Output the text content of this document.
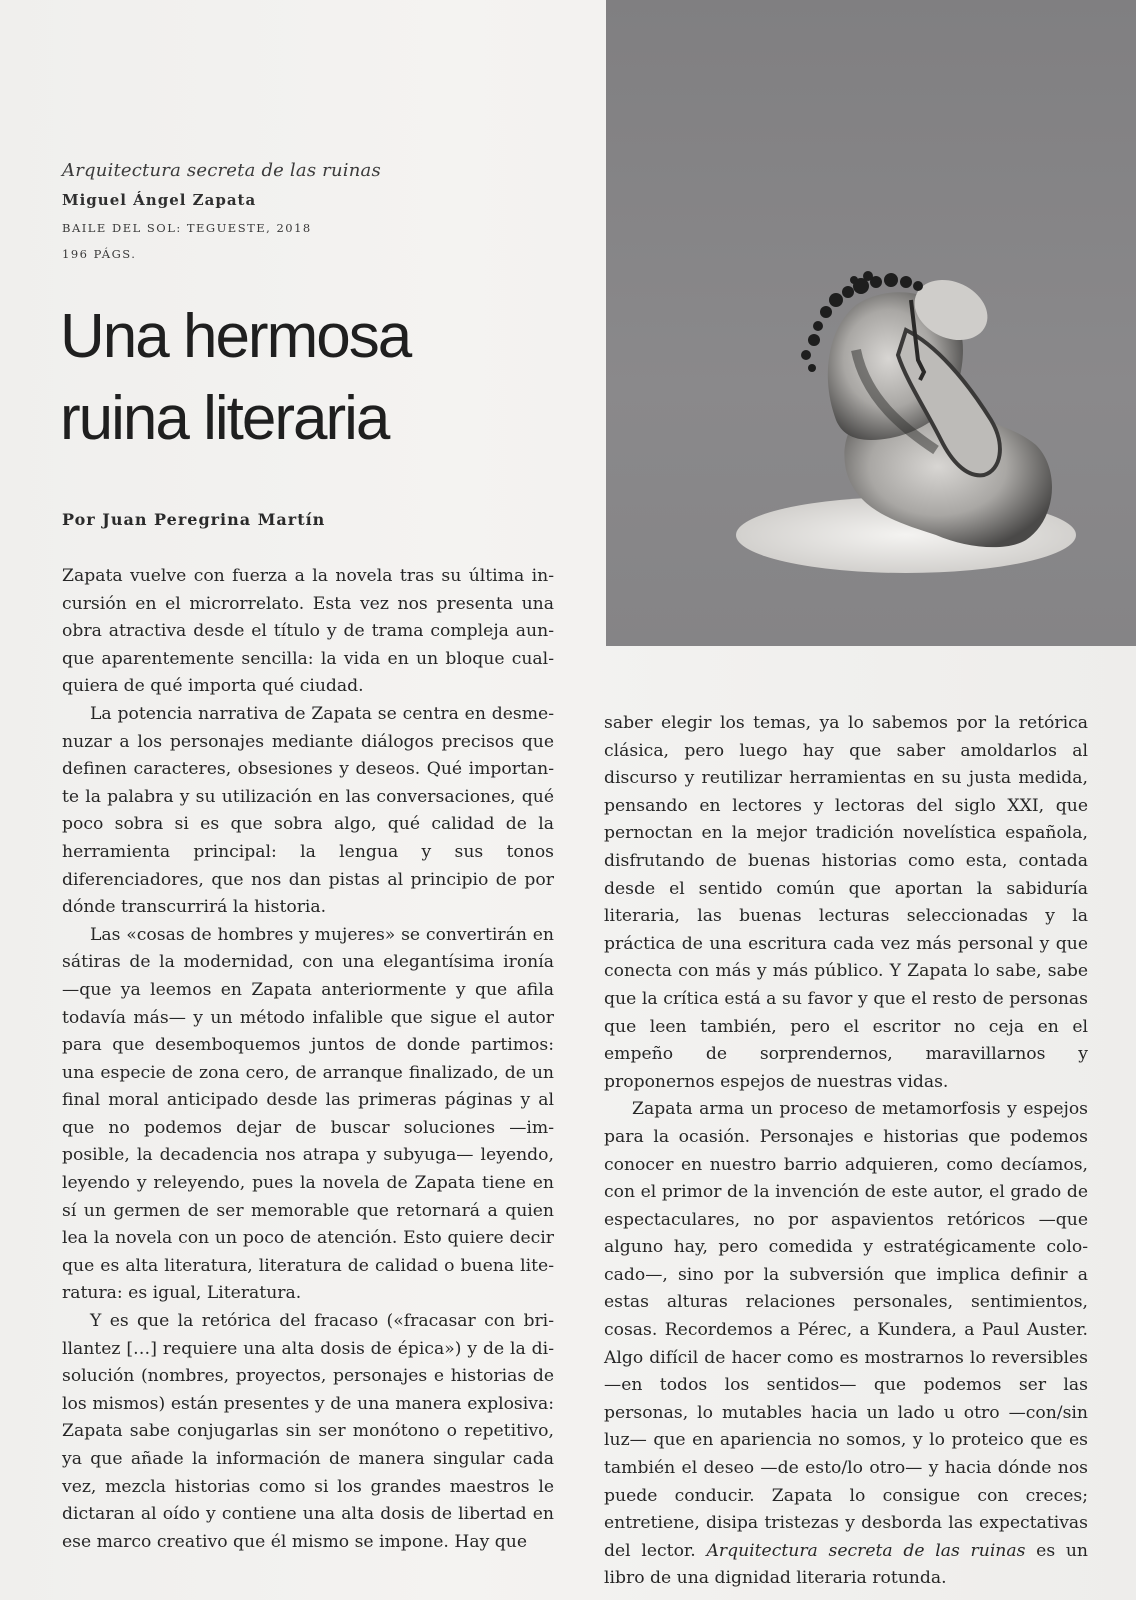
Arquitectura secreta de las ruinas
Miguel Ángel Zapata
BAILE DEL SOL: TEGUESTE, 2018
196 PÁGS.
Una hermosa
ruina literaria
Por Juan Peregrina Martín

Zapata vuelve con fuerza a la novela tras su última incursión en el microrrelato. Esta vez nos presenta una obra atractiva desde el título y de trama compleja aunque aparentemente sencilla: la vida en un bloque cualquiera de qué importa qué ciudad.

La potencia narrativa de Zapata se centra en desmenuzar a los personajes mediante diálogos precisos que definen caracteres, obsesiones y deseos. Qué importante la palabra y su utilización en las conversaciones, qué poco sobra si es que sobra algo, qué calidad de la herramienta principal: la lengua y sus tonos diferenciadores, que nos dan pistas al principio de por dónde transcurrirá la historia.

Las «cosas de hombres y mujeres» se convertirán en sátiras de la modernidad, con una elegantísima ironía —que ya leemos en Zapata anteriormente y que afila todavía más— y un método infalible que sigue el autor para que desemboquemos juntos de donde partimos: una especie de zona cero, de arranque finalizado, de un final moral anticipado desde las primeras páginas y al que no podemos dejar de buscar soluciones —imposible, la decadencia nos atrapa y subyuga— leyendo, leyendo y releyendo, pues la novela de Zapata tiene en sí un germen de ser memorable que retornará a quien lea la novela con un poco de atención. Esto quiere decir que es alta literatura, literatura de calidad o buena literatura: es igual, Literatura.

Y es que la retórica del fracaso («fracasar con brillantez […] requiere una alta dosis de épica») y de la disolución (nombres, proyectos, personajes e historias de los mismos) están presentes y de una manera explosiva: Zapata sabe conjugarlas sin ser monótono o repetitivo, ya que añade la información de manera singular cada vez, mezcla historias como si los grandes maestros le dictaran al oído y contiene una alta dosis de libertad en ese marco creativo que él mismo se impone. Hay que

saber elegir los temas, ya lo sabemos por la retórica clásica, pero luego hay que saber amoldarlos al discurso y reutilizar herramientas en su justa medida, pensando en lectores y lectoras del siglo XXI, que pernoctan en la mejor tradición novelística española, disfrutando de buenas historias como esta, contada desde el sentido común que aportan la sabiduría literaria, las buenas lecturas seleccionadas y la práctica de una escritura cada vez más personal y que conecta con más y más público. Y Zapata lo sabe, sabe que la crítica está a su favor y que el resto de personas que leen también, pero el escritor no ceja en el empeño de sorprendernos, maravillarnos y proponernos espejos de nuestras vidas.

Zapata arma un proceso de metamorfosis y espejos para la ocasión. Personajes e historias que podemos conocer en nuestro barrio adquieren, como decíamos, con el primor de la invención de este autor, el grado de espectaculares, no por aspavientos retóricos —que alguno hay, pero comedida y estratégicamente colocado—, sino por la subversión que implica definir a estas alturas relaciones personales, sentimientos, cosas. Recordemos a Pérec, a Kundera, a Paul Auster. Algo difícil de hacer como es mostrarnos lo reversibles —en todos los sentidos— que podemos ser las personas, lo mutables hacia un lado u otro —con/sin luz— que en apariencia no somos, y lo proteico que es también el deseo —de esto/lo otro— y hacia dónde nos puede conducir. Zapata lo consigue con creces; entretiene, disipa tristezas y desborda las expectativas del lector. Arquitectura secreta de las ruinas es un libro de una dignidad literaria rotunda.
